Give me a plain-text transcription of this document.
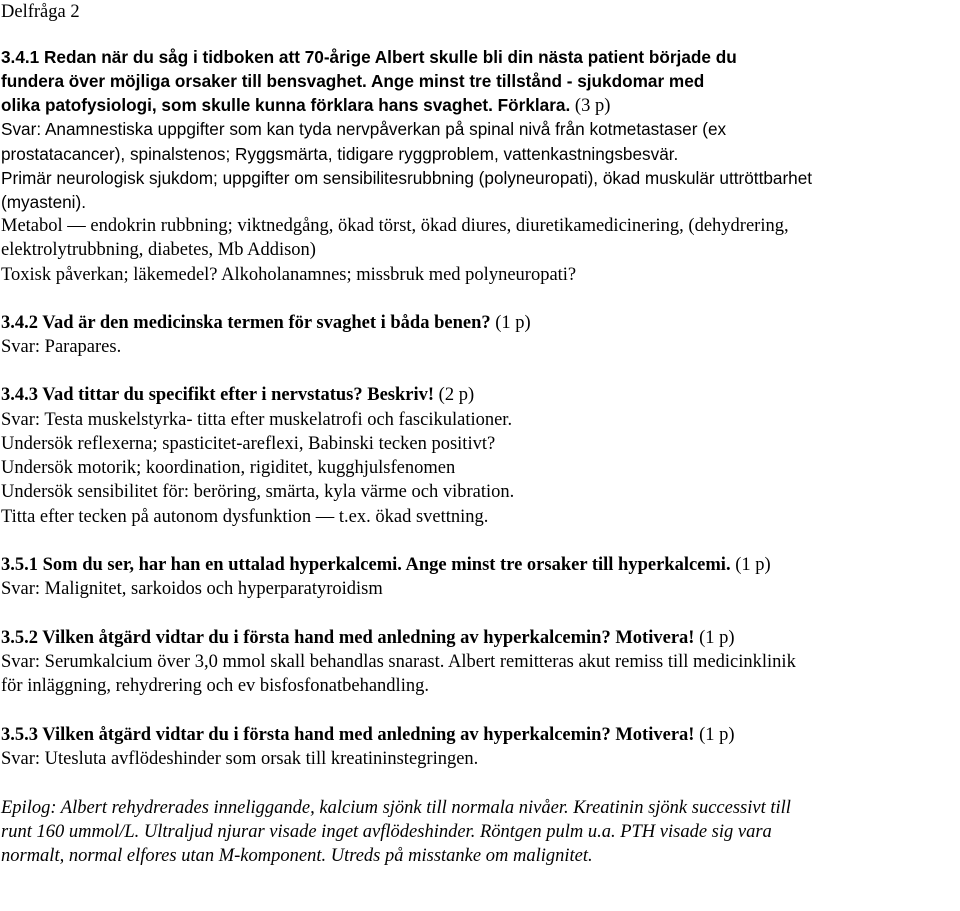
Delfråga 2
3.4.1 Redan när du såg i tidboken att 70-årige Albert skulle bli din nästa patient började du
fundera över möjliga orsaker till bensvaghet. Ange minst tre tillstånd - sjukdomar med
olika patofysiologi, som skulle kunna förklara hans svaghet. Förklara. (3 p)
Svar: Anamnestiska uppgifter som kan tyda nervpåverkan på spinal nivå från kotmetastaser (ex
prostatacancer), spinalstenos; Ryggsmärta, tidigare ryggproblem, vattenkastningsbesvär.
Primär neurologisk sjukdom; uppgifter om sensibilitesrubbning (polyneuropati), ökad muskulär uttröttbarhet
(myasteni).
Metabol — endokrin rubbning; viktnedgång, ökad törst, ökad diures, diuretikamedicinering, (dehydrering,
elektrolytrubbning, diabetes, Mb Addison)
Toxisk påverkan; läkemedel? Alkoholanamnes; missbruk med polyneuropati?
3.4.2 Vad är den medicinska termen för svaghet i båda benen? (1 p)
Svar: Parapares.
3.4.3 Vad tittar du specifikt efter i nervstatus? Beskriv! (2 p)
Svar: Testa muskelstyrka- titta efter muskelatrofi och fascikulationer.
Undersök reflexerna; spasticitet-areflexi, Babinski tecken positivt?
Undersök motorik; koordination, rigiditet, kugghjulsfenomen
Undersök sensibilitet för: beröring, smärta, kyla värme och vibration.
Titta efter tecken på autonom dysfunktion — t.ex. ökad svettning.
3.5.1 Som du ser, har han en uttalad hyperkalcemi. Ange minst tre orsaker till hyperkalcemi. (1 p)
Svar: Malignitet, sarkoidos och hyperparatyroidism
3.5.2 Vilken åtgärd vidtar du i första hand med anledning av hyperkalcemin? Motivera! (1 p)
Svar: Serumkalcium över 3,0 mmol skall behandlas snarast. Albert remitteras akut remiss till medicinklinik
för inläggning, rehydrering och ev bisfosfonatbehandling.
3.5.3 Vilken åtgärd vidtar du i första hand med anledning av hyperkalcemin? Motivera! (1 p)
Svar: Utesluta avflödeshinder som orsak till kreatininstegringen.
Epilog: Albert rehydrerades inneliggande, kalcium sjönk till normala nivåer. Kreatinin sjönk successivt till
runt 160 ummol/L. Ultraljud njurar visade inget avflödeshinder. Röntgen pulm u.a. PTH visade sig vara
normalt, normal elfores utan M-komponent. Utreds på misstanke om malignitet.
